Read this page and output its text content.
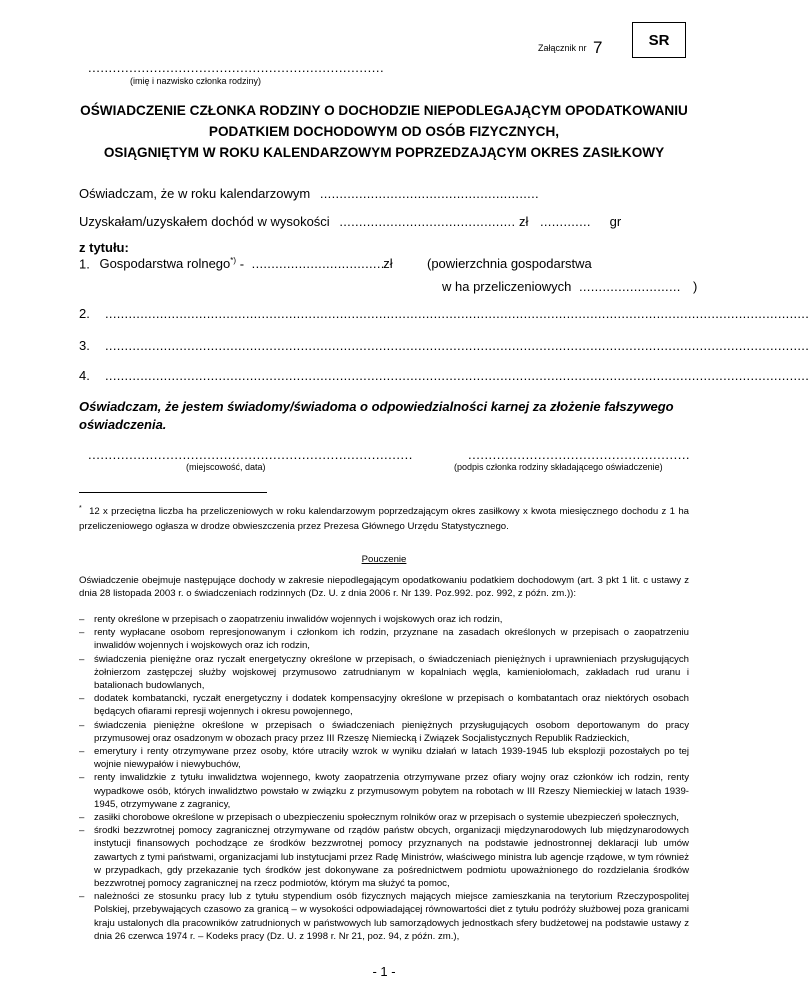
Załącznik nr 7	SR
........................................................................
(imię i nazwisko członka rodziny)
OŚWIADCZENIE CZŁONKA RODZINY O DOCHODZIE NIEPODLEGAJĄCYM OPODATKOWANIU
PODATKIEM DOCHODOWYM OD OSÓB FIZYCZNYCH,
OSIĄGNIĘTYM W ROKU KALENDARZOWYM POPRZEDZAJĄCYM OKRES ZASIŁKOWY
Oświadczam, że w roku kalendarzowym ........................................................
Uzyskałam/uzyskałem dochód w wysokości ............................................. zł ............. gr
z tytułu:
1. Gospodarstwa rolnego*) - .................................. zł	(powierzchnia gospodarstwa
w ha przeliczeniowych .......................... )
2. ....................................................................................................................................................................................
3. ....................................................................................................................................................................................
4. ....................................................................................................................................................................................
Oświadczam, że jestem świadomy/świadoma o odpowiedzialności karnej za złożenie fałszywego oświadczenia.
...............................................................................
(miejscowość, data)
......................................................
(podpis członka rodziny składającego oświadczenie)
* 12 x przeciętna liczba ha przeliczeniowych w roku kalendarzowym poprzedzającym okres zasiłkowy x kwota miesięcznego dochodu z 1 ha przeliczeniowego ogłasza w drodze obwieszczenia przez Prezesa Głównego Urzędu Statystycznego.
Pouczenie
Oświadczenie obejmuje następujące dochody w zakresie niepodlegającym opodatkowaniu podatkiem dochodowym (art. 3 pkt 1 lit. c ustawy z dnia 28 listopada 2003 r. o świadczeniach rodzinnych (Dz. U. z dnia 2006 r. Nr 139. Poz.992. poz. 992, z późn. zm.)):
– renty określone w przepisach o zaopatrzeniu inwalidów wojennych i wojskowych oraz ich rodzin,
– renty wypłacane osobom represjonowanym i członkom ich rodzin, przyznane na zasadach określonych w przepisach o zaopatrzeniu inwalidów wojennych i wojskowych oraz ich rodzin,
– świadczenia pieniężne oraz ryczałt energetyczny określone w przepisach, o świadczeniach pieniężnych i uprawnieniach przysługujących żołnierzom zastępczej służby wojskowej przymusowo zatrudnianym w kopalniach węgla, kamieniołomach, zakładach rud uranu i batalionach budowlanych,
– dodatek kombatancki, ryczałt energetyczny i dodatek kompensacyjny określone w przepisach o kombatantach oraz niektórych osobach będących ofiarami represji wojennych i okresu powojennego,
– świadczenia pieniężne określone w przepisach o świadczeniach pieniężnych przysługujących osobom deportowanym do pracy przymusowej oraz osadzonym w obozach pracy przez III Rzeszę Niemiecką i Związek Socjalistycznych Republik Radzieckich,
– emerytury i renty otrzymywane przez osoby, które utraciły wzrok w wyniku działań w latach 1939-1945 lub eksplozji pozostałych po tej wojnie niewypałów i niewybuchów,
– renty inwalidzkie z tytułu inwalidztwa wojennego, kwoty zaopatrzenia otrzymywane przez ofiary wojny oraz członków ich rodzin, renty wypadkowe osób, których inwalidztwo powstało w związku z przymusowym pobytem na robotach w III Rzeszy Niemieckiej w latach 1939-1945, otrzymywane z zagranicy,
– zasiłki chorobowe określone w przepisach o ubezpieczeniu społecznym rolników oraz w przepisach o systemie ubezpieczeń społecznych,
– środki bezzwrotnej pomocy zagranicznej otrzymywane od rządów państw obcych, organizacji międzynarodowych lub międzynarodowych instytucji finansowych pochodzące ze środków bezzwrotnej pomocy przyznanych na podstawie jednostronnej deklaracji lub umów zawartych z tymi państwami, organizacjami lub instytucjami przez Radę Ministrów, właściwego ministra lub agencje rządowe, w tym również w przypadkach, gdy przekazanie tych środków jest dokonywane za pośrednictwem podmiotu upoważnionego do rozdzielania środków bezzwrotnej pomocy zagranicznej na rzecz podmiotów, którym ma służyć ta pomoc,
– należności ze stosunku pracy lub z tytułu stypendium osób fizycznych mających miejsce zamieszkania na terytorium Rzeczypospolitej Polskiej, przebywających czasowo za granicą – w wysokości odpowiadającej równowartości diet z tytułu podróży służbowej poza granicami kraju ustalonych dla pracowników zatrudnionych w państwowych lub samorządowych jednostkach sfery budżetowej na podstawie ustawy z dnia 26 czerwca 1974 r. – Kodeks pracy (Dz. U. z 1998 r. Nr 21, poz. 94, z późn. zm.),
- 1 -
